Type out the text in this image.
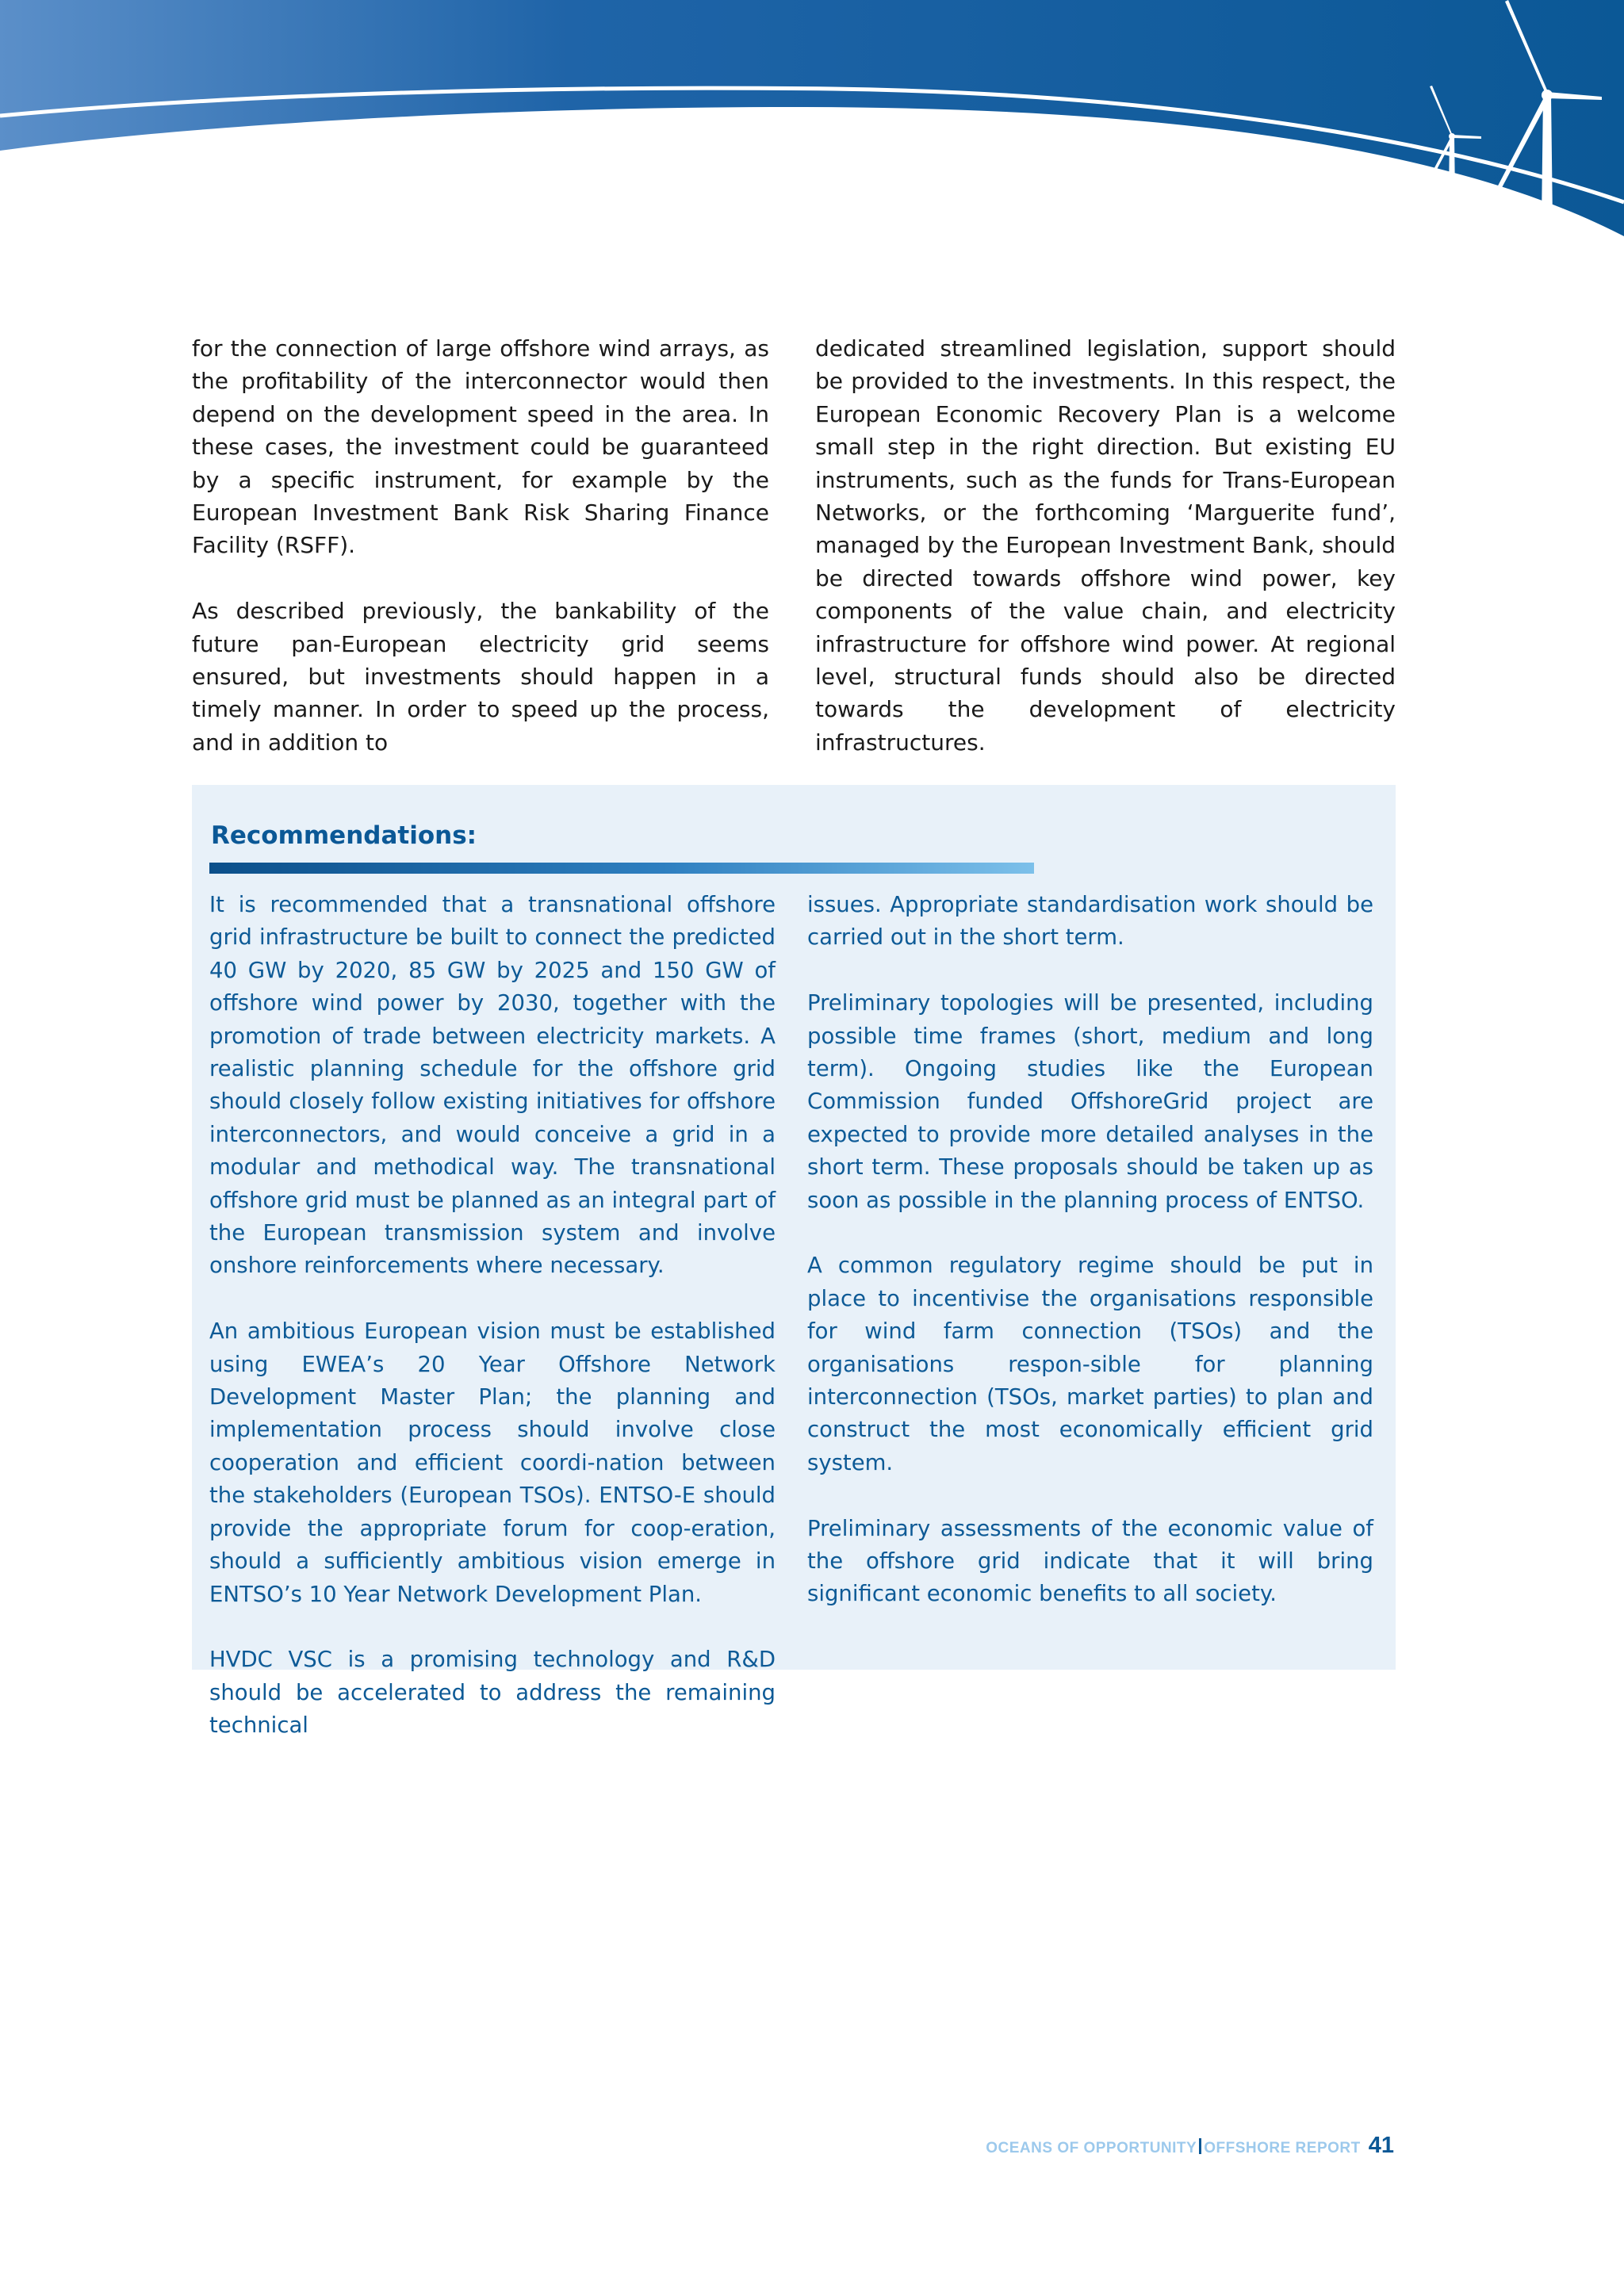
for the connection of large offshore wind arrays, as the profitability of the interconnector would then depend on the development speed in the area. In these cases, the investment could be guaranteed by a specific instrument, for example by the European Investment Bank Risk Sharing Finance Facility (RSFF).

As described previously, the bankability of the future pan-European electricity grid seems ensured, but investments should happen in a timely manner. In order to speed up the process, and in addition to

dedicated streamlined legislation, support should be provided to the investments. In this respect, the European Economic Recovery Plan is a welcome small step in the right direction. But existing EU instruments, such as the funds for Trans-European Networks, or the forthcoming ‘Marguerite fund’, managed by the European Investment Bank, should be directed towards offshore wind power, key components of the value chain, and electricity infrastructure for offshore wind power. At regional level, structural funds should also be directed towards the development of electricity infrastructures.

Recommendations:

It is recommended that a transnational offshore grid infrastructure be built to connect the predicted 40 GW by 2020, 85 GW by 2025 and 150 GW of offshore wind power by 2030, together with the promotion of trade between electricity markets. A realistic planning schedule for the offshore grid should closely follow existing initiatives for offshore interconnectors, and would conceive a grid in a modular and methodical way. The transnational offshore grid must be planned as an integral part of the European transmission system and involve onshore reinforcements where necessary.

An ambitious European vision must be established using EWEA’s 20 Year Offshore Network Development Master Plan; the planning and implementation process should involve close cooperation and efficient coordi-nation between the stakeholders (European TSOs). ENTSO-E should provide the appropriate forum for coop-eration, should a sufficiently ambitious vision emerge in ENTSO’s 10 Year Network Development Plan.

HVDC VSC is a promising technology and R&D should be accelerated to address the remaining technical

issues. Appropriate standardisation work should be carried out in the short term.

Preliminary topologies will be presented, including possible time frames (short, medium and long term). Ongoing studies like the European Commission funded OffshoreGrid project are expected to provide more detailed analyses in the short term. These proposals should be taken up as soon as possible in the planning process of ENTSO.

A common regulatory regime should be put in place to incentivise the organisations responsible for wind farm connection (TSOs) and the organisations respon-sible for planning interconnection (TSOs, market parties) to plan and construct the most economically efficient grid system.

Preliminary assessments of the economic value of the offshore grid indicate that it will bring significant economic benefits to all society.

OCEANS OF OPPORTUNITY OFFSHORE REPORT 41
